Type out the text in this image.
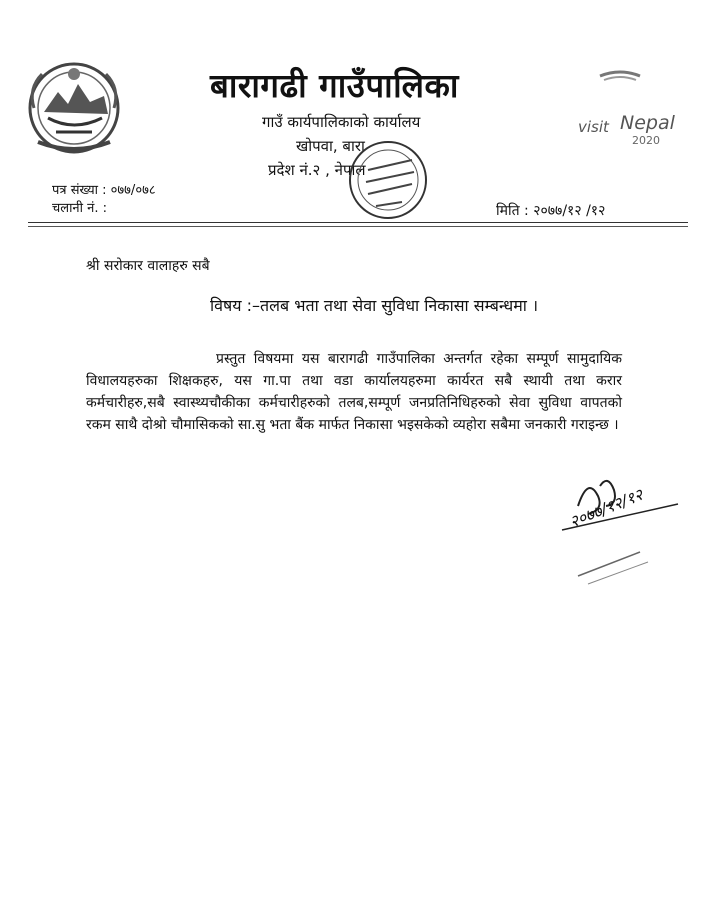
बारागढी गाउँपालिका
गाउँ कार्यपालिकाको कार्यालय
खोपवा, बारा
प्रदेश नं.२ , नेपाल
visit Nepal
2020
पत्र संख्या : ०७७/०७८
चलानी नं. :	मिति : २०७७/१२ /१२
श्री सरोकार वालाहरु सबै
विषय :–तलब भता तथा सेवा सुविधा निकासा सम्बन्धमा ।
प्रस्तुत विषयमा यस बारागढी गाउँपालिका अन्तर्गत रहेका सम्पूर्ण सामुदायिक विधालयहरुका शिक्षकहरु, यस गा.पा तथा वडा कार्यालयहरुमा कार्यरत सबै स्थायी तथा करार कर्मचारीहरु,सबै स्वास्थ्यचौकीका कर्मचारीहरुको तलब,सम्पूर्ण जनप्रतिनिधिहरुको सेवा सुविधा वापतको रकम साथै दोश्रो चौमासिकको सा.सु भता बैंक मार्फत निकासा भइसकेको व्यहोरा सबैमा जनकारी गराइन्छ ।
२०७७/१२/१२
